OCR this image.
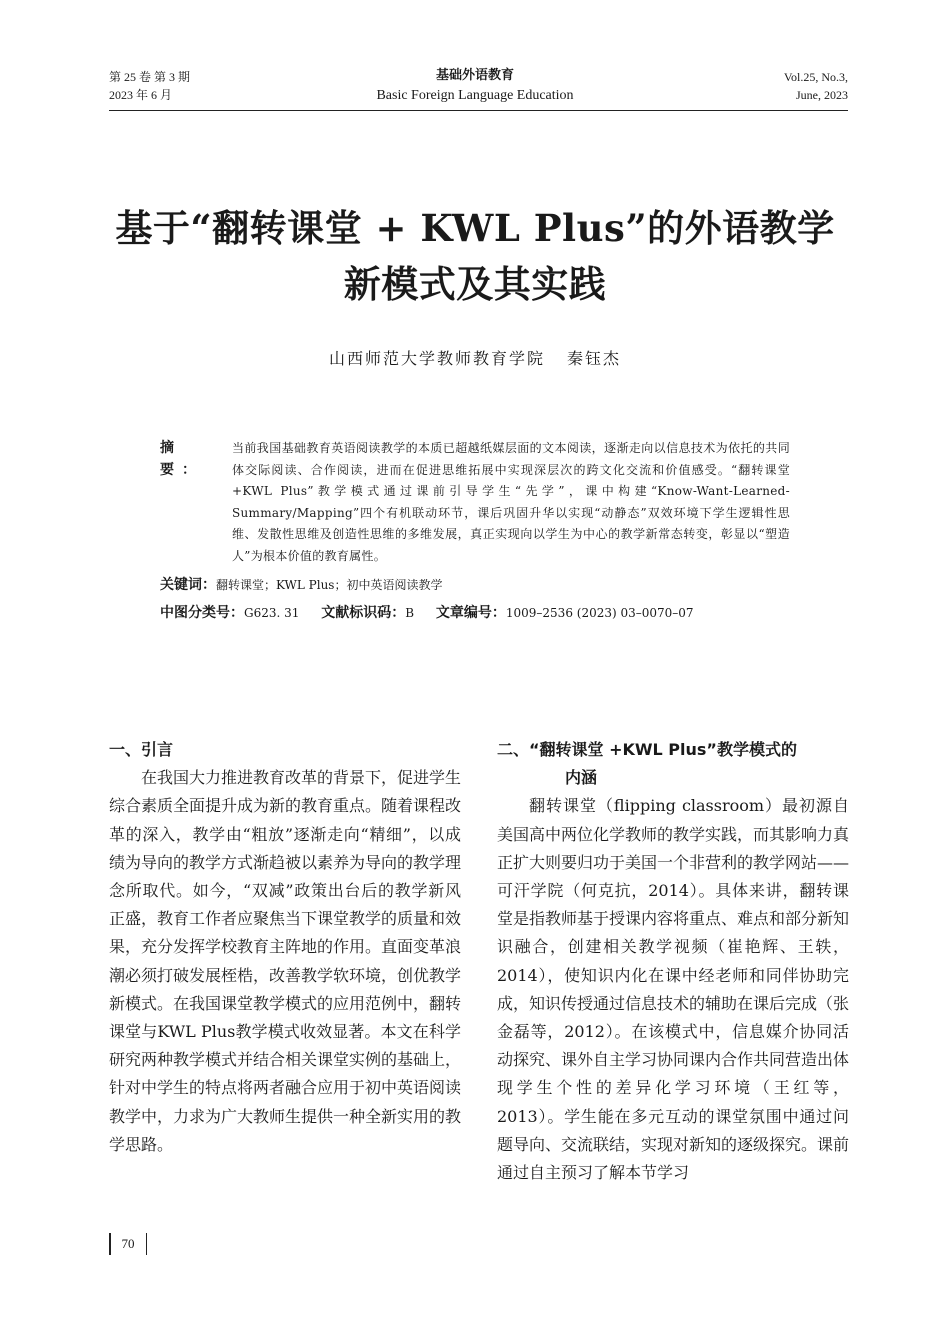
第 25 卷 第 3 期
2023 年 6 月
基础外语教育
Basic Foreign Language Education
Vol.25, No.3,
June, 2023
基于“翻转课堂 + KWL Plus”的外语教学
新模式及其实践
山西师范大学教师教育学院 秦钰杰
摘　要：
当前我国基础教育英语阅读教学的本质已超越纸媒层面的文本阅读，逐渐走向以信息技术为依托的共同体交际阅读、合作阅读，进而在促进思维拓展中实现深层次的跨文化交流和价值感受。“翻转课堂+KWL Plus”教学模式通过课前引导学生“先学”，课中构建“Know-Want-Learned-Summary/Mapping”四个有机联动环节，课后巩固升华以实现“动静态”双效环境下学生逻辑性思维、发散性思维及创造性思维的多维发展，真正实现向以学生为中心的教学新常态转变，彰显以“塑造人”为根本价值的教育属性。
关键词：翻转课堂；KWL Plus；初中英语阅读教学
中图分类号：G623. 31 文献标识码：B 文章编号：1009–2536 (2023) 03–0070–07
一、引言

在我国大力推进教育改革的背景下，促进学生综合素质全面提升成为新的教育重点。随着课程改革的深入，教学由“粗放”逐渐走向“精细”，以成绩为导向的教学方式渐趋被以素养为导向的教学理念所取代。如今，“双减”政策出台后的教学新风正盛，教育工作者应聚焦当下课堂教学的质量和效果，充分发挥学校教育主阵地的作用。直面变革浪潮必须打破发展桎梏，改善教学软环境，创优教学新模式。在我国课堂教学模式的应用范例中，翻转课堂与KWL Plus教学模式收效显著。本文在科学研究两种教学模式并结合相关课堂实例的基础上，针对中学生的特点将两者融合应用于初中英语阅读教学中，力求为广大教师生提供一种全新实用的教学思路。

二、“翻转课堂 +KWL Plus”教学模式的
内涵

翻转课堂（flipping classroom）最初源自美国高中两位化学教师的教学实践，而其影响力真正扩大则要归功于美国一个非营利的教学网站——可汗学院（何克抗，2014）。具体来讲，翻转课堂是指教师基于授课内容将重点、难点和部分新知识融合，创建相关教学视频（崔艳辉、王轶，2014），使知识内化在课中经老师和同伴协助完成，知识传授通过信息技术的辅助在课后完成（张金磊等，2012）。在该模式中，信息媒介协同活动探究、课外自主学习协同课内合作共同营造出体现学生个性的差异化学习环境（王红等，2013）。学生能在多元互动的课堂氛围中通过问题导向、交流联结，实现对新知的逐级探究。课前通过自主预习了解本节学习

70
